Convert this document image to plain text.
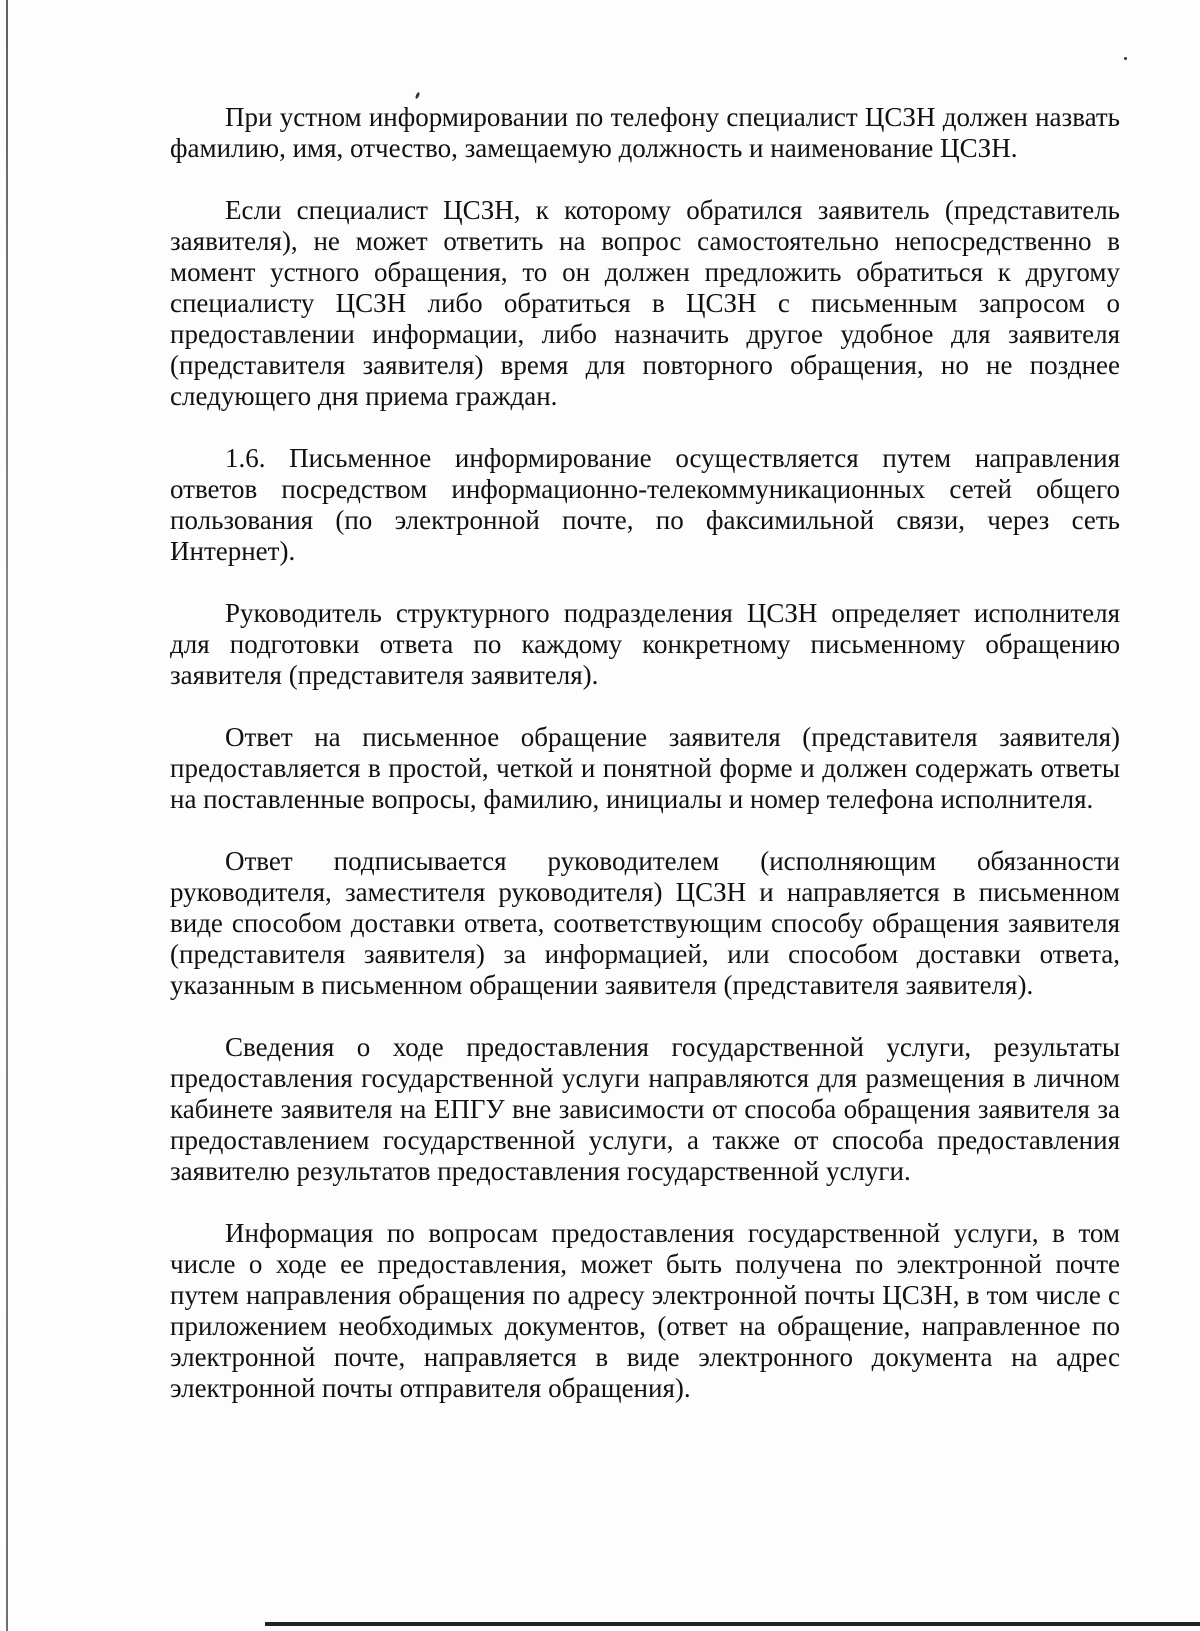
При устном информировании по телефону специалист ЦСЗН должен назвать фамилию, имя, отчество, замещаемую должность и наименование ЦСЗН.

Если специалист ЦСЗН, к которому обратился заявитель (представитель заявителя), не может ответить на вопрос самостоятельно непосредственно в момент устного обращения, то он должен предложить обратиться к другому специалисту ЦСЗН либо обратиться в ЦСЗН с письменным запросом о предоставлении информации, либо назначить другое удобное для заявителя (представителя заявителя) время для повторного обращения, но не позднее следующего дня приема граждан.

1.6. Письменное информирование осуществляется путем направления ответов посредством информационно-телекоммуникационных сетей общего пользования (по электронной почте, по факсимильной связи, через сеть Интернет).

Руководитель структурного подразделения ЦСЗН определяет исполнителя для подготовки ответа по каждому конкретному письменному обращению заявителя (представителя заявителя).

Ответ на письменное обращение заявителя (представителя заявителя) предоставляется в простой, четкой и понятной форме и должен содержать ответы на поставленные вопросы, фамилию, инициалы и номер телефона исполнителя.

Ответ подписывается руководителем (исполняющим обязанности руководителя, заместителя руководителя) ЦСЗН и направляется в письменном виде способом доставки ответа, соответствующим способу обращения заявителя (представителя заявителя) за информацией, или способом доставки ответа, указанным в письменном обращении заявителя (представителя заявителя).

Сведения о ходе предоставления государственной услуги, результаты предоставления государственной услуги направляются для размещения в личном кабинете заявителя на ЕПГУ вне зависимости от способа обращения заявителя за предоставлением государственной услуги, а также от способа предоставления заявителю результатов предоставления государственной услуги.

Информация по вопросам предоставления государственной услуги, в том числе о ходе ее предоставления, может быть получена по электронной почте путем направления обращения по адресу электронной почты ЦСЗН, в том числе с приложением необходимых документов, (ответ на обращение, направленное по электронной почте, направляется в виде электронного документа на адрес электронной почты отправителя обращения).
